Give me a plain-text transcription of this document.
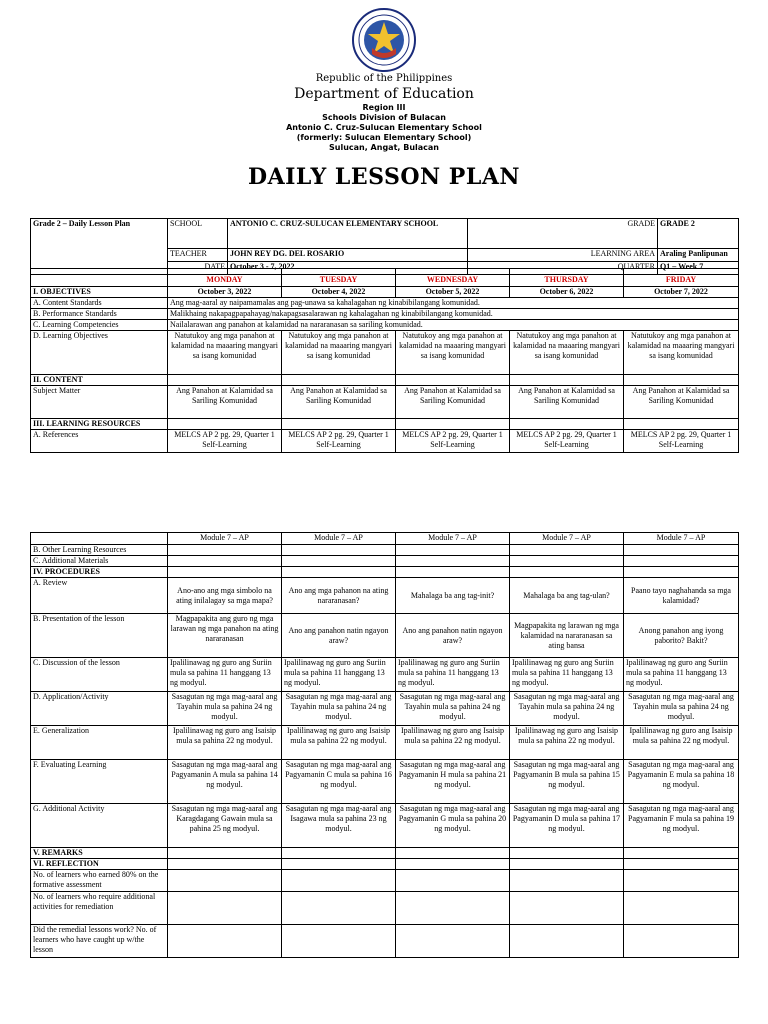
Republic of the Philippines
Department of Education
Region III
Schools Division of Bulacan
Antonio C. Cruz-Sulucan Elementary School
(formerly: Sulucan Elementary School)
Sulucan, Angat, Bulacan
DAILY LESSON PLAN
Grade 2 – Daily Lesson Plan	SCHOOL	ANTONIO C. CRUZ-SULUCAN ELEMENTARY SCHOOL	GRADE	GRADE 2
	TEACHER	JOHN REY DG. DEL ROSARIO	LEARNING AREA	Araling Panlipunan
	DATE	October 3 - 7, 2022	QUARTER	Q1 – Week 7

	MONDAY	TUESDAY	WEDNESDAY	THURSDAY	FRIDAY
I. OBJECTIVES	October 3, 2022	October 4, 2022	October 5, 2022	October 6, 2022	October 7, 2022
A. Content Standards	Ang mag-aaral ay naipamamalas ang pag-unawa sa kahalagahan ng kinabibilangang komunidad.				
B. Performance Standards	Malikhaing nakapagpapahayag/nakapagsasalarawan ng kahalagahan ng kinabibilangang komunidad.				
C. Learning Competencies	Nailalarawan ang panahon at kalamidad na nararanasan sa sariling komunidad.				
D. Learning Objectives	Natutukoy ang mga panahon at kalamidad na maaaring mangyari sa isang komunidad	Natutukoy ang mga panahon at kalamidad na maaaring mangyari sa isang komunidad	Natutukoy ang mga panahon at kalamidad na maaaring mangyari sa isang komunidad	Natutukoy ang mga panahon at kalamidad na maaaring mangyari sa isang komunidad	Natutukoy ang mga panahon at kalamidad na maaaring mangyari sa isang komunidad
II. CONTENT					
Subject Matter	Ang Panahon at Kalamidad sa Sariling Komunidad	Ang Panahon at Kalamidad sa Sariling Komunidad	Ang Panahon at Kalamidad sa Sariling Komunidad	Ang Panahon at Kalamidad sa Sariling Komunidad	Ang Panahon at Kalamidad sa Sariling Komunidad
III. LEARNING RESOURCES					
A. References	MELCS AP 2 pg. 29, Quarter 1 Self-Learning	MELCS AP 2 pg. 29, Quarter 1 Self-Learning	MELCS AP 2 pg. 29, Quarter 1 Self-Learning	MELCS AP 2 pg. 29, Quarter 1 Self-Learning	MELCS AP 2 pg. 29, Quarter 1 Self-Learning
	Module 7 – AP	Module 7 – AP	Module 7 – AP	Module 7 – AP	Module 7 – AP
B. Other Learning Resources					
C. Additional Materials					
IV. PROCEDURES					
A. Review	Ano-ano ang mga simbolo na ating inilalagay sa mga mapa?	Ano ang mga pahanon na ating nararanasan?	Mahalaga ba ang tag-init?	Mahalaga ba ang tag-ulan?	Paano tayo naghahanda sa mga kalamidad?
B. Presentation of the lesson	Magpapakita ang guro ng mga larawan ng mga panahon na ating nararanasan	Ano ang panahon natin ngayon araw?	Ano ang panahon natin ngayon araw?	Magpapakita ng larawan ng mga kalamidad na nararanasan sa ating bansa	Anong panahon ang iyong paborito? Bakit?
C. Discussion of the lesson	Ipalilinawag ng guro ang Suriin mula sa pahina 11 hanggang 13 ng modyul.	Ipalilinawag ng guro ang Suriin mula sa pahina 11 hanggang 13 ng modyul.	Ipalilinawag ng guro ang Suriin mula sa pahina 11 hanggang 13 ng modyul.	Ipalilinawag ng guro ang Suriin mula sa pahina 11 hanggang 13 ng modyul.	Ipalilinawag ng guro ang Suriin mula sa pahina 11 hanggang 13 ng modyul.
D. Application/Activity	Sasagutan ng mga mag-aaral ang Tayahin mula sa pahina 24 ng modyul.	Sasagutan ng mga mag-aaral ang Tayahin mula sa pahina 24 ng modyul.	Sasagutan ng mga mag-aaral ang Tayahin mula sa pahina 24 ng modyul.	Sasagutan ng mga mag-aaral ang Tayahin mula sa pahina 24 ng modyul.	Sasagutan ng mga mag-aaral ang Tayahin mula sa pahina 24 ng modyul.
E. Generalization	Ipalilinawag ng guro ang Isaisip mula sa pahina 22 ng modyul.	Ipalilinawag ng guro ang Isaisip mula sa pahina 22 ng modyul.	Ipalilinawag ng guro ang Isaisip mula sa pahina 22 ng modyul.	Ipalilinawag ng guro ang Isaisip mula sa pahina 22 ng modyul.	Ipalilinawag ng guro ang Isaisip mula sa pahina 22 ng modyul.
F. Evaluating Learning	Sasagutan ng mga mag-aaral ang Pagyamanin A mula sa pahina 14 ng modyul.	Sasagutan ng mga mag-aaral ang Pagyamanin C mula sa pahina 16 ng modyul.	Sasagutan ng mga mag-aaral ang Pagyamanin H mula sa pahina 21 ng modyul.	Sasagutan ng mga mag-aaral ang Pagyamanin B mula sa pahina 15 ng modyul.	Sasagutan ng mga mag-aaral ang Pagyamanin E mula sa pahina 18 ng modyul.
G. Additional Activity	Sasagutan ng mga mag-aaral ang Karagdagang Gawain mula sa pahina 25 ng modyul.	Sasagutan ng mga mag-aaral ang Isagawa mula sa pahina 23 ng modyul.	Sasagutan ng mga mag-aaral ang Pagyamanin G mula sa pahina 20 ng modyul.	Sasagutan ng mga mag-aaral ang Pagyamanin D mula sa pahina 17 ng modyul.	Sasagutan ng mga mag-aaral ang Pagyamanin F mula sa pahina 19 ng modyul.
V. REMARKS					
VI. REFLECTION					
No. of learners who earned 80% on the formative assessment					
No. of learners who require additional activities for remediation					
Did the remedial lessons work? No. of learners who have caught up w/the lesson					
